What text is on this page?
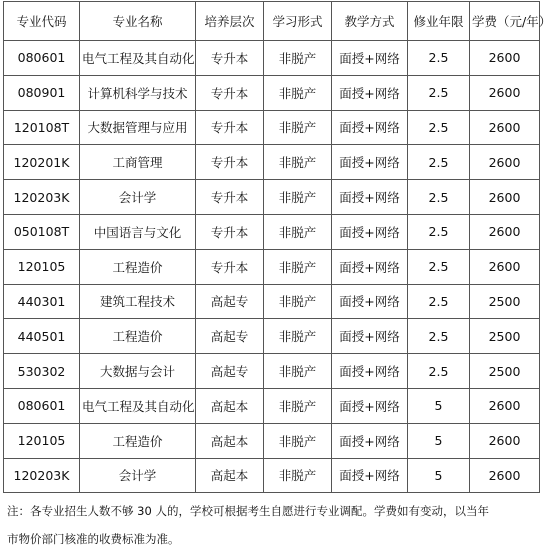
专业代码	专业名称	培养层次	学习形式	教学方式	修业年限	学费（元/年）
080601	电气工程及其自动化	专升本	非脱产	面授+网络	2.5	2600
080901	计算机科学与技术	专升本	非脱产	面授+网络	2.5	2600
120108T	大数据管理与应用	专升本	非脱产	面授+网络	2.5	2600
120201K	工商管理	专升本	非脱产	面授+网络	2.5	2600
120203K	会计学	专升本	非脱产	面授+网络	2.5	2600
050108T	中国语言与文化	专升本	非脱产	面授+网络	2.5	2600
120105	工程造价	专升本	非脱产	面授+网络	2.5	2600
440301	建筑工程技术	高起专	非脱产	面授+网络	2.5	2500
440501	工程造价	高起专	非脱产	面授+网络	2.5	2500
530302	大数据与会计	高起专	非脱产	面授+网络	2.5	2500
080601	电气工程及其自动化	高起本	非脱产	面授+网络	5	2600
120105	工程造价	高起本	非脱产	面授+网络	5	2600
120203K	会计学	高起本	非脱产	面授+网络	5	2600
注：各专业招生人数不够 30 人的，学校可根据考生自愿进行专业调配。学费如有变动，以当年市物价部门核准的收费标准为准。
